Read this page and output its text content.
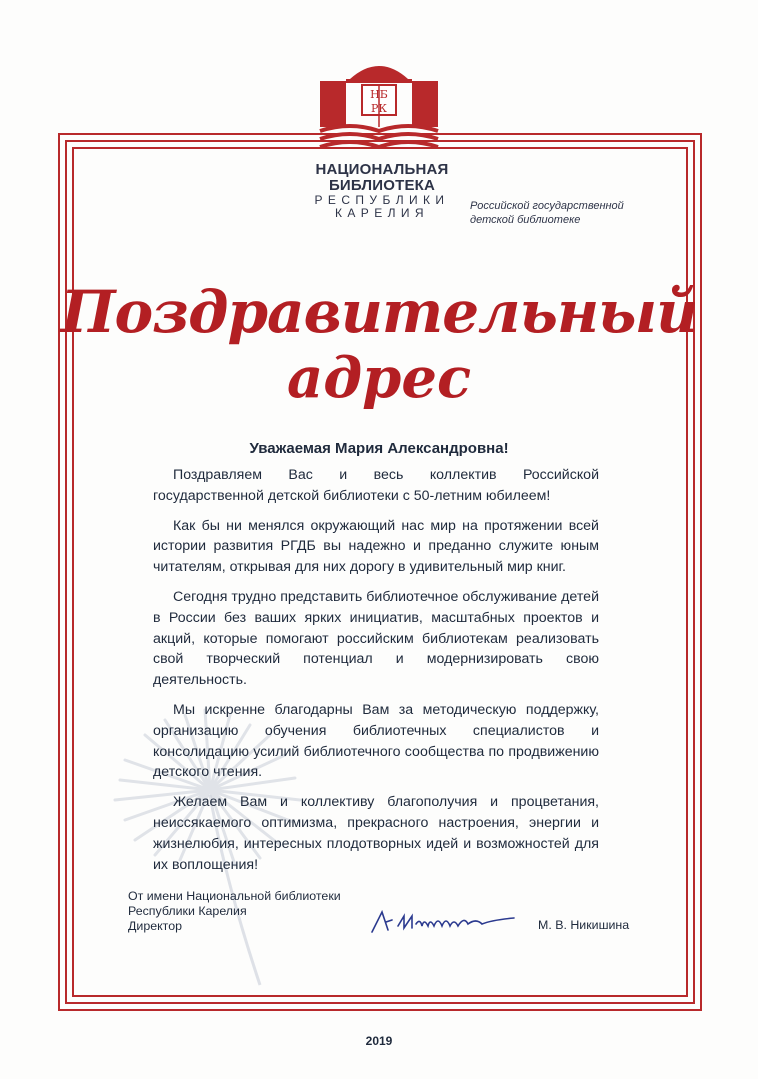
НБ
РК
НАЦИОНАЛЬНАЯ
БИБЛИОТЕКА
РЕСПУБЛИКИ
КАРЕЛИЯ	Российской государственной
детской библиотеке
Поздравительный
адрес
Уважаемая Мария Александровна!

Поздравляем Вас и весь коллектив Российской государственной детской библиотеки с 50-летним юбилеем!

Как бы ни менялся окружающий нас мир на протяжении всей истории развития РГДБ вы надежно и преданно служите юным читателям, открывая для них дорогу в удивительный мир книг.

Сегодня трудно представить библиотечное обслуживание детей в России без ваших ярких инициатив, масштабных проектов и акций, которые помогают российским библиотекам реализовать свой творческий потенциал и модернизировать свою деятельность.

Мы искренне благодарны Вам за методическую поддержку, организацию обучения библиотечных специалистов и консолидацию усилий библиотечного сообщества по продвижению детского чтения.

Желаем Вам и коллективу благополучия и процветания, неиссякаемого оптимизма, прекрасного настроения, энергии и жизнелюбия, интересных плодотворных идей и возможностей для их воплощения!

От имени Национальной библиотеки
Республики Карелия
Директор	М. В. Никишина
2019
